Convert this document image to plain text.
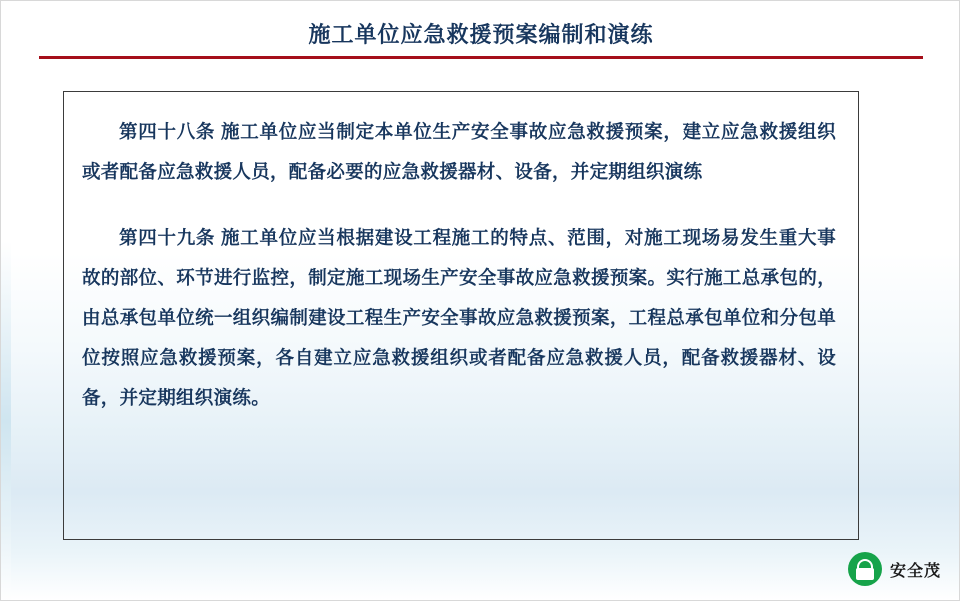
施工单位应急救援预案编制和演练

第四十八条 施工单位应当制定本单位生产安全事故应急救援预案，建立应急救援组织或者配备应急救援人员，配备必要的应急救援器材、设备，并定期组织演练

第四十九条 施工单位应当根据建设工程施工的特点、范围，对施工现场易发生重大事故的部位、环节进行监控，制定施工现场生产安全事故应急救援预案。实行施工总承包的，由总承包单位统一组织编制建设工程生产安全事故应急救援预案，工程总承包单位和分包单位按照应急救援预案，各自建立应急救援组织或者配备应急救援人员，配备救援器材、设备，并定期组织演练。

安全茂
